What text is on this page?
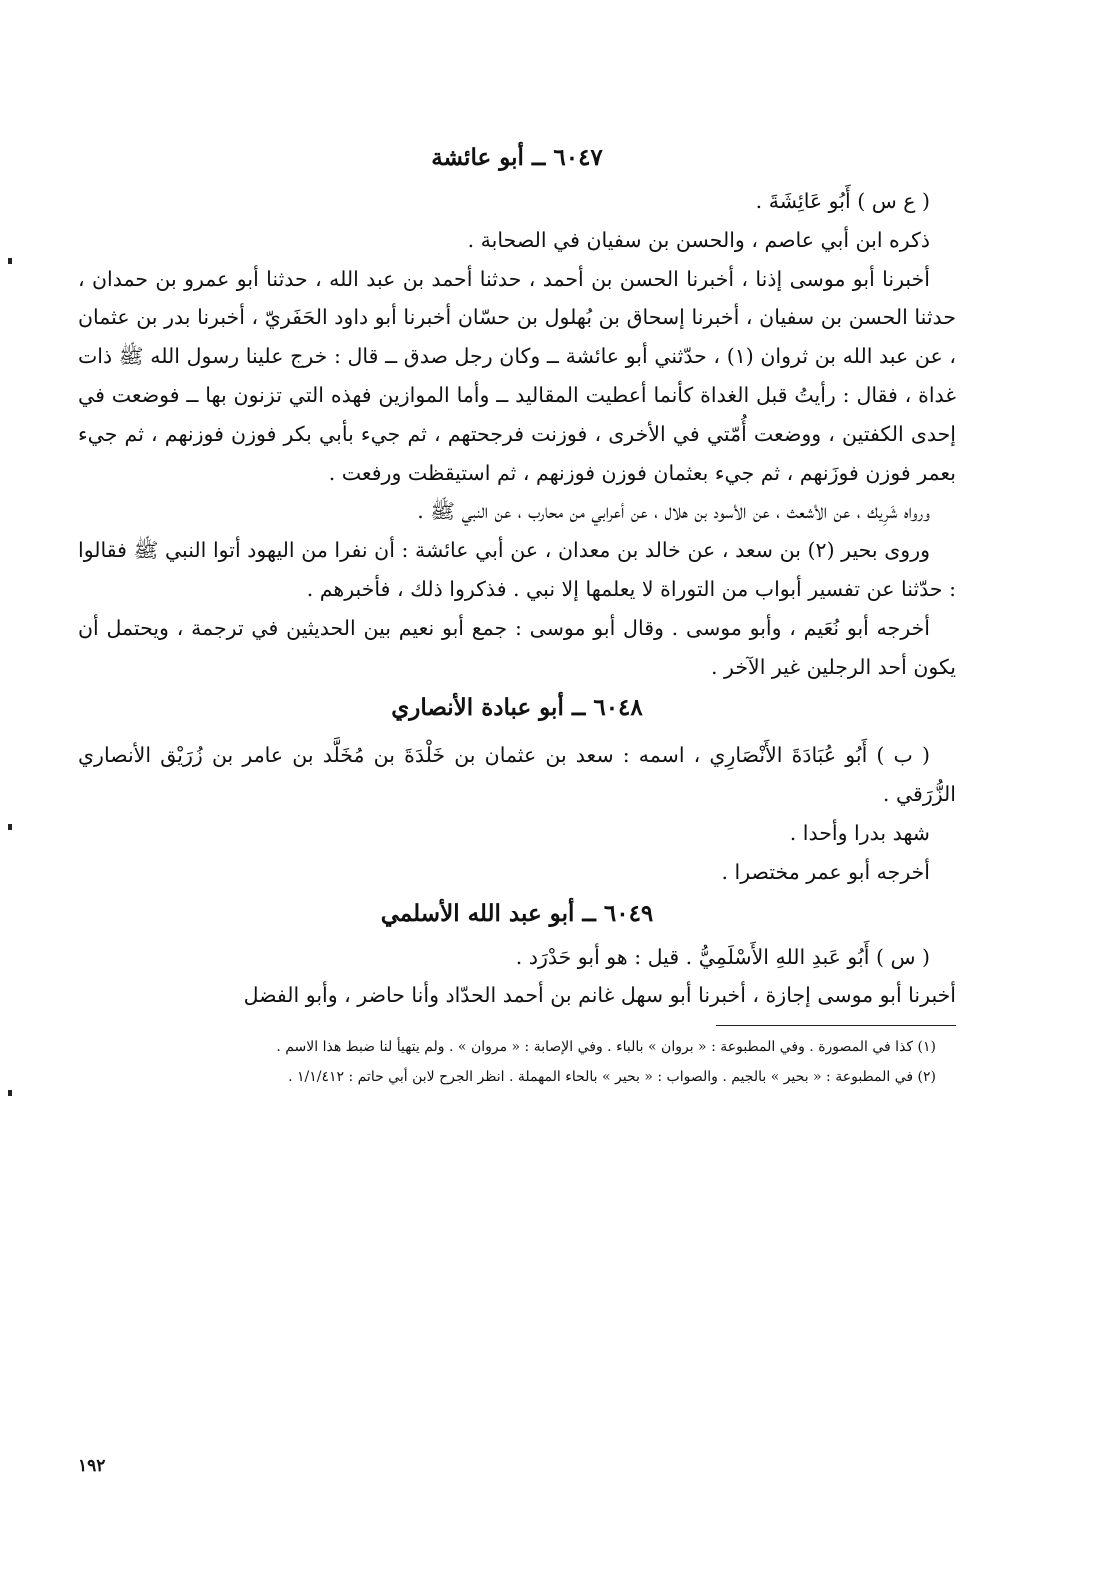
٦٠٤٧ ــ أبو عائشة

( ع س ) أَبُو عَائِشَةَ .

ذكره ابن أبي عاصم ، والحسن بن سفيان في الصحابة .

أخبرنا أبو موسى إذنا ، أخبرنا الحسن بن أحمد ، حدثنا أحمد بن عبد الله ، حدثنا أبو عمرو بن حمدان ، حدثنا الحسن بن سفيان ، أخبرنا إسحاق بن بُهلول بن حسّان أخبرنا أبو داود الحَفَريّ ، أخبرنا بدر بن عثمان ، عن عبد الله بن ثروان (١) ، حدّثني أبو عائشة ــ وكان رجل صدق ــ قال : خرج علينا رسول الله ﷺ ذات غداة ، فقال : رأيتُ قبل الغداة كأنما أعطيت المقاليد ــ وأما الموازين فهذه التي تزنون بها ــ فوضعت في إحدى الكفتين ، ووضعت أُمّتي في الأخرى ، فوزنت فرجحتهم ، ثم جيء بأبي بكر فوزن فوزنهم ، ثم جيء بعمر فوزن فوزَنهم ، ثم جيء بعثمان فوزن فوزنهم ، ثم استيقظت ورفعت .

ورواه شَرِيك ، عن الأشعث ، عن الأسود بن هلال ، عن أعرابي من محارب ، عن النبي ﷺ .

وروى بحير (٢) بن سعد ، عن خالد بن معدان ، عن أبي عائشة : أن نفرا من اليهود أتوا النبي ﷺ فقالوا : حدّثنا عن تفسير أبواب من التوراة لا يعلمها إلا نبي . فذكروا ذلك ، فأخبرهم .

أخرجه أبو نُعَيم ، وأبو موسى . وقال أبو موسى : جمع أبو نعيم بين الحديثين في ترجمة ، ويحتمل أن يكون أحد الرجلين غير الآخر .

٦٠٤٨ ــ أبو عبادة الأنصاري

( ب ) أَبُو عُبَادَةَ الأَنْصَارِي ، اسمه : سعد بن عثمان بن خَلْدَةَ بن مُخَلَّد بن عامر بن زُرَيْق الأنصاري الزُّرَقي .

شهد بدرا وأحدا .

أخرجه أبو عمر مختصرا .

٦٠٤٩ ــ أبو عبد الله الأسلمي

( س ) أَبُو عَبدِ اللهِ الأَسْلَمِيُّ . قيل : هو أبو حَدْرَد .

أخبرنا أبو موسى إجازة ، أخبرنا أبو سهل غانم بن أحمد الحدّاد وأنا حاضر ، وأبو الفضل

(١) كذا في المصورة . وفي المطبوعة : « بروان » بالباء . وفي الإصابة : « مروان » . ولم يتهيأ لنا ضبط هذا الاسم .

(٢) في المطبوعة : « بحير » بالجيم . والصواب : « بحير » بالحاء المهملة . انظر الجرح لابن أبي حاتم : ١/١/٤١٢ .

١٩٢
